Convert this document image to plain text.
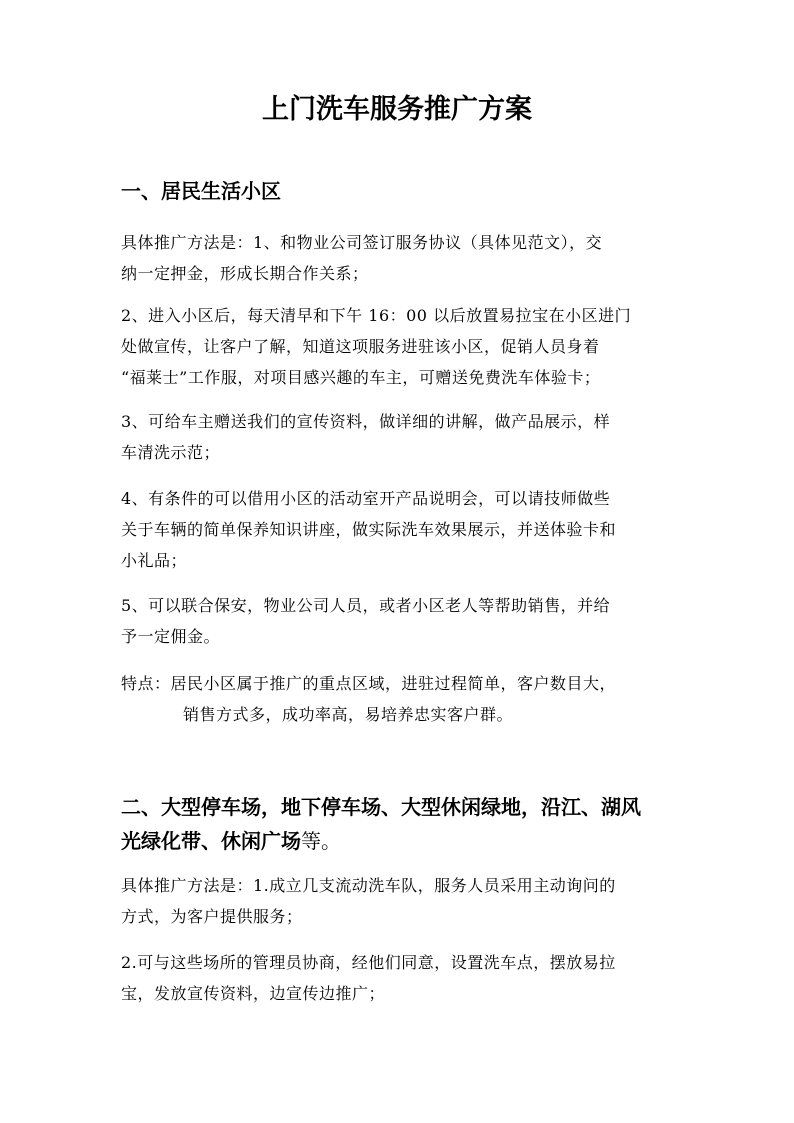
上门洗车服务推广方案
一、居民生活小区

具体推广方法是：1、和物业公司签订服务协议（具体见范文），交
纳一定押金，形成长期合作关系；

2、进入小区后，每天清早和下午 16：00 以后放置易拉宝在小区进门
处做宣传，让客户了解，知道这项服务进驻该小区，促销人员身着
“福莱士”工作服，对项目感兴趣的车主，可赠送免费洗车体验卡；

3、可给车主赠送我们的宣传资料，做详细的讲解，做产品展示，样
车清洗示范；

4、有条件的可以借用小区的活动室开产品说明会，可以请技师做些
关于车辆的简单保养知识讲座，做实际洗车效果展示，并送体验卡和
小礼品；

5、可以联合保安，物业公司人员，或者小区老人等帮助销售，并给
予一定佣金。

特点：居民小区属于推广的重点区域，进驻过程简单，客户数目大，
销售方式多，成功率高，易培养忠实客户群。

二、大型停车场，地下停车场、大型休闲绿地，沿江、湖风
光绿化带、休闲广场等。

具体推广方法是：1.成立几支流动洗车队，服务人员采用主动询问的
方式，为客户提供服务；

2.可与这些场所的管理员协商，经他们同意，设置洗车点，摆放易拉
宝，发放宣传资料，边宣传边推广；
